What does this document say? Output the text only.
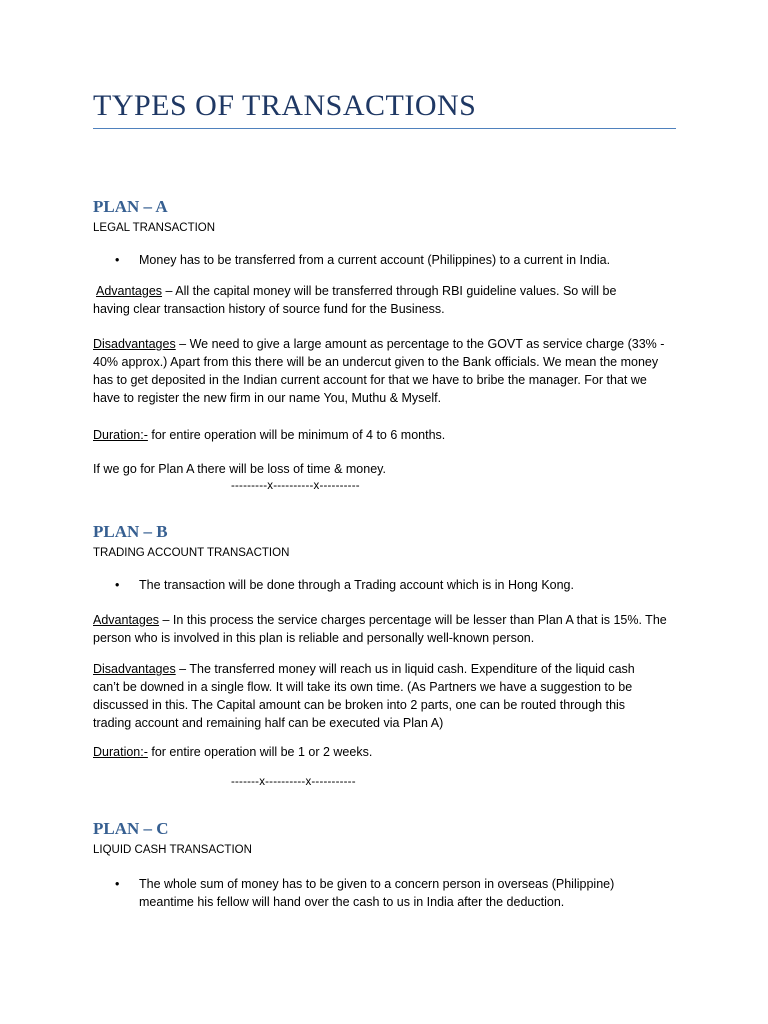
TYPES OF TRANSACTIONS
PLAN – A
LEGAL TRANSACTION
• Money has to be transferred from a current account (Philippines) to a current in India.

Advantages – All the capital money will be transferred through RBI guideline values. So will be having clear transaction history of source fund for the Business.

Disadvantages – We need to give a large amount as percentage to the GOVT as service charge (33% - 40% approx.) Apart from this there will be an undercut given to the Bank officials. We mean the money has to get deposited in the Indian current account for that we have to bribe the manager. For that we have to register the new firm in our name You, Muthu & Myself.

Duration:- for entire operation will be minimum of 4 to 6 months.

If we go for Plan A there will be loss of time & money.

---------x----------x----------
PLAN – B
TRADING ACCOUNT TRANSACTION
• The transaction will be done through a Trading account which is in Hong Kong.

Advantages – In this process the service charges percentage will be lesser than Plan A that is 15%. The person who is involved in this plan is reliable and personally well-known person.

Disadvantages – The transferred money will reach us in liquid cash. Expenditure of the liquid cash can’t be downed in a single flow. It will take its own time. (As Partners we have a suggestion to be discussed in this. The Capital amount can be broken into 2 parts, one can be routed through this trading account and remaining half can be executed via Plan A)

Duration:- for entire operation will be 1 or 2 weeks.

-------x----------x-----------
PLAN – C
LIQUID CASH TRANSACTION
• The whole sum of money has to be given to a concern person in overseas (Philippine) meantime his fellow will hand over the cash to us in India after the deduction.
